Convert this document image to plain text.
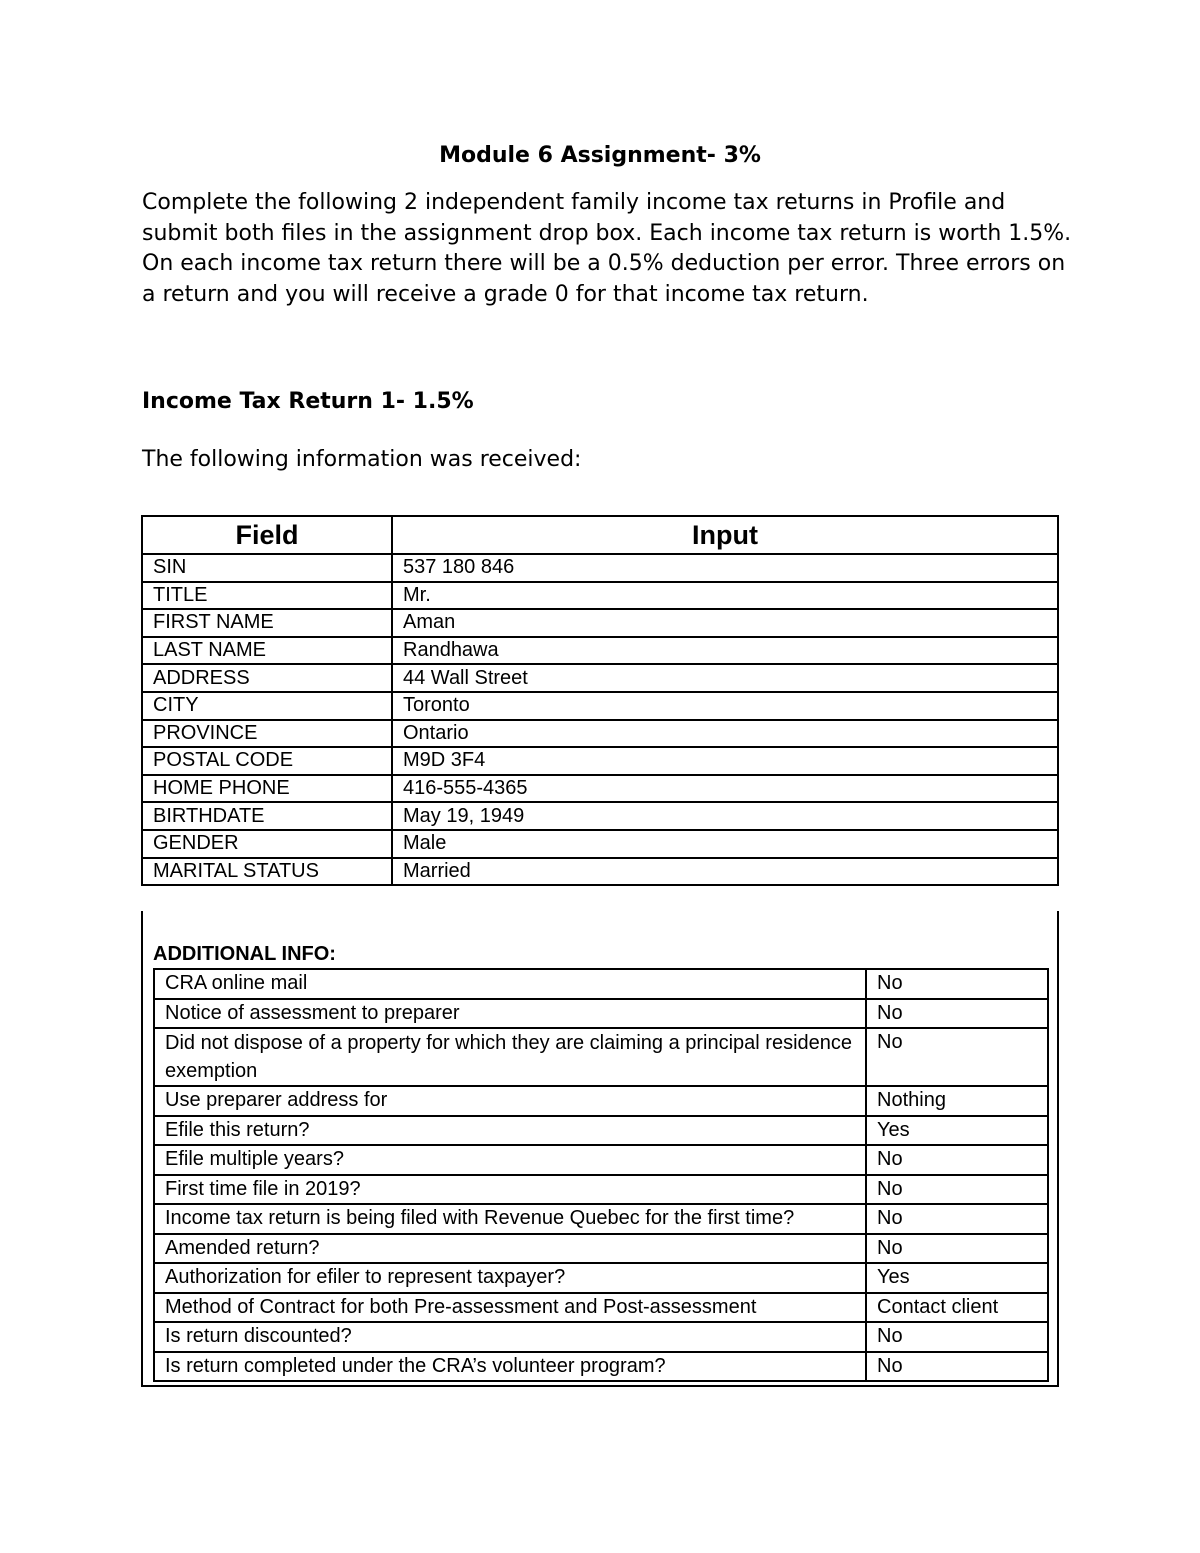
Module 6 Assignment- 3%

Complete the following 2 independent family income tax returns in Profile and submit both files in the assignment drop box. Each income tax return is worth 1.5%. On each income tax return there will be a 0.5% deduction per error. Three errors on a return and you will receive a grade 0 for that income tax return.

Income Tax Return 1- 1.5%

The following information was received:

Field	Input
SIN	537 180 846
TITLE	Mr.
FIRST NAME	Aman
LAST NAME	Randhawa
ADDRESS	44 Wall Street
CITY	Toronto
PROVINCE	Ontario
POSTAL CODE	M9D 3F4
HOME PHONE	416-555-4365
BIRTHDATE	May 19, 1949
GENDER	Male
MARITAL STATUS	Married
ADDITIONAL INFO:
CRA online mail	No
Notice of assessment to preparer	No
Did not dispose of a property for which they are claiming a principal residence exemption	No
Use preparer address for	Nothing
Efile this return?	Yes
Efile multiple years?	No
First time file in 2019?	No
Income tax return is being filed with Revenue Quebec for the first time?	No
Amended return?	No
Authorization for efiler to represent taxpayer?	Yes
Method of Contract for both Pre-assessment and Post-assessment	Contact client
Is return discounted?	No
Is return completed under the CRA’s volunteer program?	No
